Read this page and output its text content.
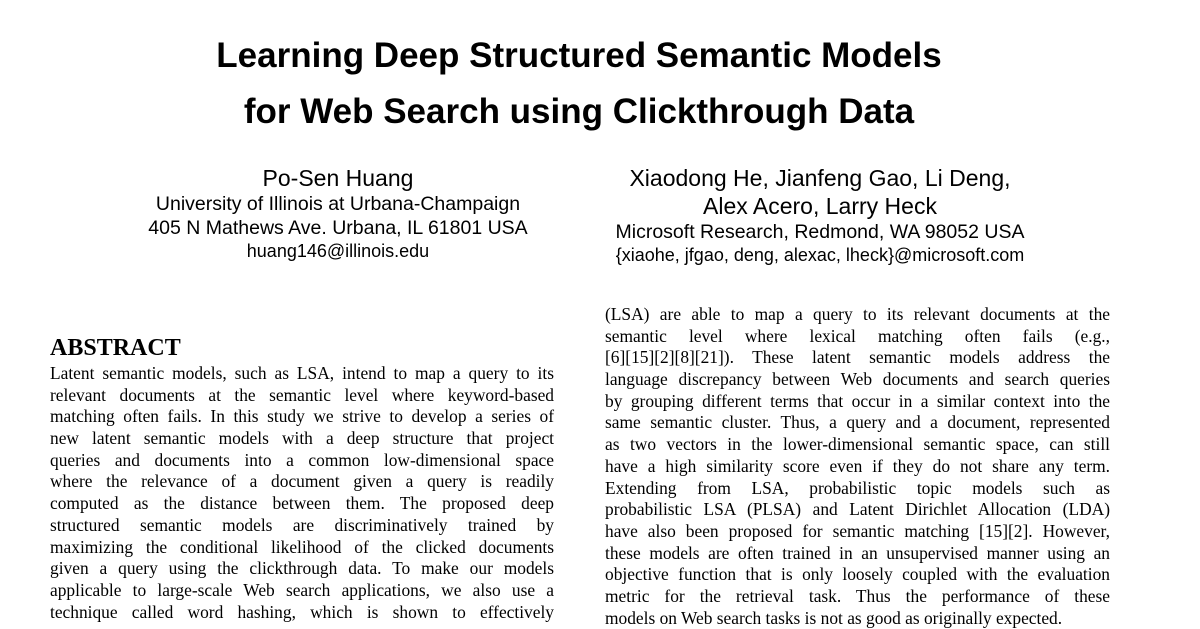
Learning Deep Structured Semantic Models
for Web Search using Clickthrough Data
Po-Sen Huang
University of Illinois at Urbana-Champaign
405 N Mathews Ave. Urbana, IL 61801 USA
huang146@illinois.edu
Xiaodong He, Jianfeng Gao, Li Deng,
Alex Acero, Larry Heck
Microsoft Research, Redmond, WA 98052 USA
{xiaohe, jfgao, deng, alexac, lheck}@microsoft.com
ABSTRACT
Latent semantic models, such as LSA, intend to map a query to its
relevant documents at the semantic level where keyword-based
matching often fails. In this study we strive to develop a series of
new latent semantic models with a deep structure that project
queries and documents into a common low-dimensional space
where the relevance of a document given a query is readily
computed as the distance between them. The proposed deep
structured semantic models are discriminatively trained by
maximizing the conditional likelihood of the clicked documents
given a query using the clickthrough data. To make our models
applicable to large-scale Web search applications, we also use a
technique called word hashing, which is shown to effectively
(LSA) are able to map a query to its relevant documents at the
semantic level where lexical matching often fails (e.g.,
[6][15][2][8][21]). These latent semantic models address the
language discrepancy between Web documents and search queries
by grouping different terms that occur in a similar context into the
same semantic cluster. Thus, a query and a document, represented
as two vectors in the lower-dimensional semantic space, can still
have a high similarity score even if they do not share any term.
Extending from LSA, probabilistic topic models such as
probabilistic LSA (PLSA) and Latent Dirichlet Allocation (LDA)
have also been proposed for semantic matching [15][2]. However,
these models are often trained in an unsupervised manner using an
objective function that is only loosely coupled with the evaluation
metric for the retrieval task. Thus the performance of these
models on Web search tasks is not as good as originally expected.
